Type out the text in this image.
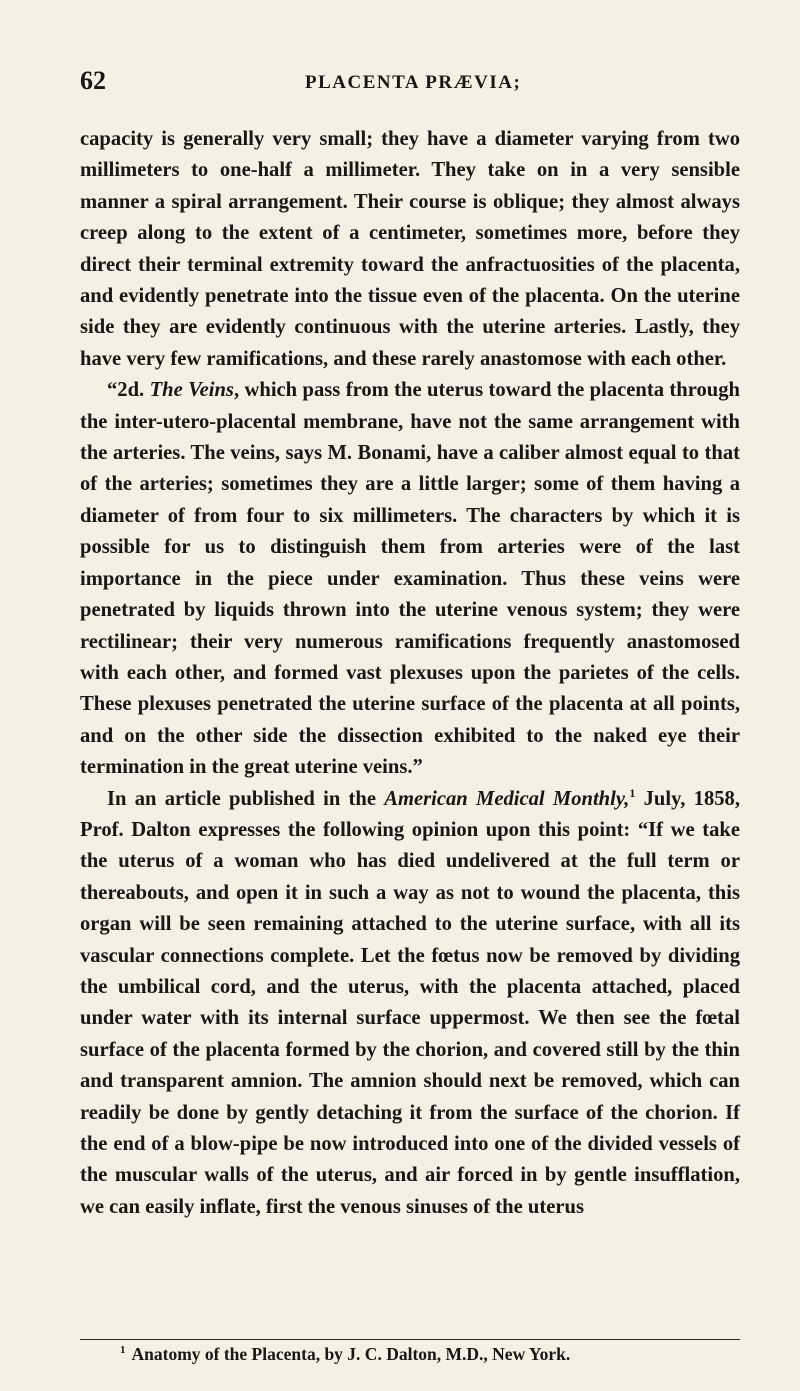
62	PLACENTA PRÆVIA;

capacity is generally very small; they have a diameter varying from two millimeters to one-half a millimeter. They take on in a very sensible manner a spiral arrangement. Their course is oblique; they almost always creep along to the extent of a centimeter, sometimes more, before they direct their terminal extremity toward the anfractuosities of the placenta, and evidently penetrate into the tissue even of the placenta. On the uterine side they are evidently continuous with the uterine arteries. Lastly, they have very few ramifications, and these rarely anastomose with each other.

“2d. The Veins, which pass from the uterus toward the placenta through the inter-utero-placental membrane, have not the same arrangement with the arteries. The veins, says M. Bonami, have a caliber almost equal to that of the arteries; sometimes they are a little larger; some of them having a diameter of from four to six millimeters. The characters by which it is possible for us to distinguish them from arteries were of the last importance in the piece under examination. Thus these veins were penetrated by liquids thrown into the uterine venous system; they were rectilinear; their very numerous ramifications frequently anastomosed with each other, and formed vast plexuses upon the parietes of the cells. These plexuses penetrated the uterine surface of the placenta at all points, and on the other side the dissection exhibited to the naked eye their termination in the great uterine veins.”

In an article published in the American Medical Monthly,$^1$ July, 1858, Prof. Dalton expresses the following opinion upon this point: “If we take the uterus of a woman who has died undelivered at the full term or thereabouts, and open it in such a way as not to wound the placenta, this organ will be seen remaining attached to the uterine surface, with all its vascular connections complete. Let the fœtus now be removed by dividing the umbilical cord, and the uterus, with the placenta attached, placed under water with its internal surface uppermost. We then see the fœtal surface of the placenta formed by the chorion, and covered still by the thin and transparent amnion. The amnion should next be removed, which can readily be done by gently detaching it from the surface of the chorion. If the end of a blow-pipe be now introduced into one of the divided vessels of the muscular walls of the uterus, and air forced in by gentle insufflation, we can easily inflate, first the venous sinuses of the uterus

$^1$ Anatomy of the Placenta, by J. C. Dalton, M.D., New York.
